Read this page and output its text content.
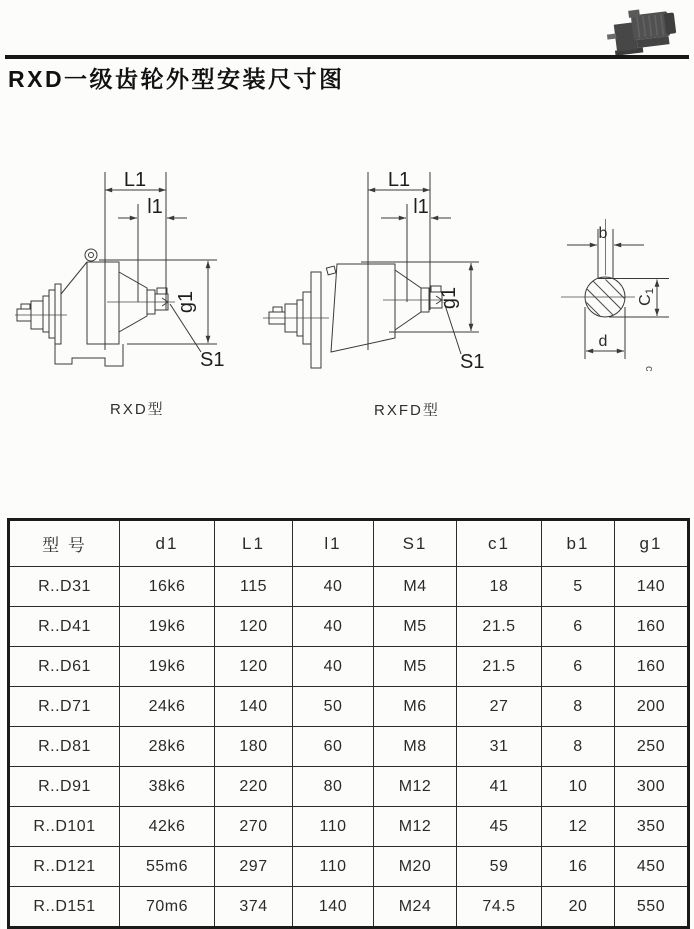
RXD一级齿轮外型安装尺寸图
L1
l1
g1
S1
RXD型
L1
l1
g1
S1
RXFD型
b
C1
d
c
型 号	d1	L1	l1	S1	c1	b1	g1
R..D31	16k6	115	40	M4	18	5	140
R..D41	19k6	120	40	M5	21.5	6	160
R..D61	19k6	120	40	M5	21.5	6	160
R..D71	24k6	140	50	M6	27	8	200
R..D81	28k6	180	60	M8	31	8	250
R..D91	38k6	220	80	M12	41	10	300
R..D101	42k6	270	110	M12	45	12	350
R..D121	55m6	297	110	M20	59	16	450
R..D151	70m6	374	140	M24	74.5	20	550
